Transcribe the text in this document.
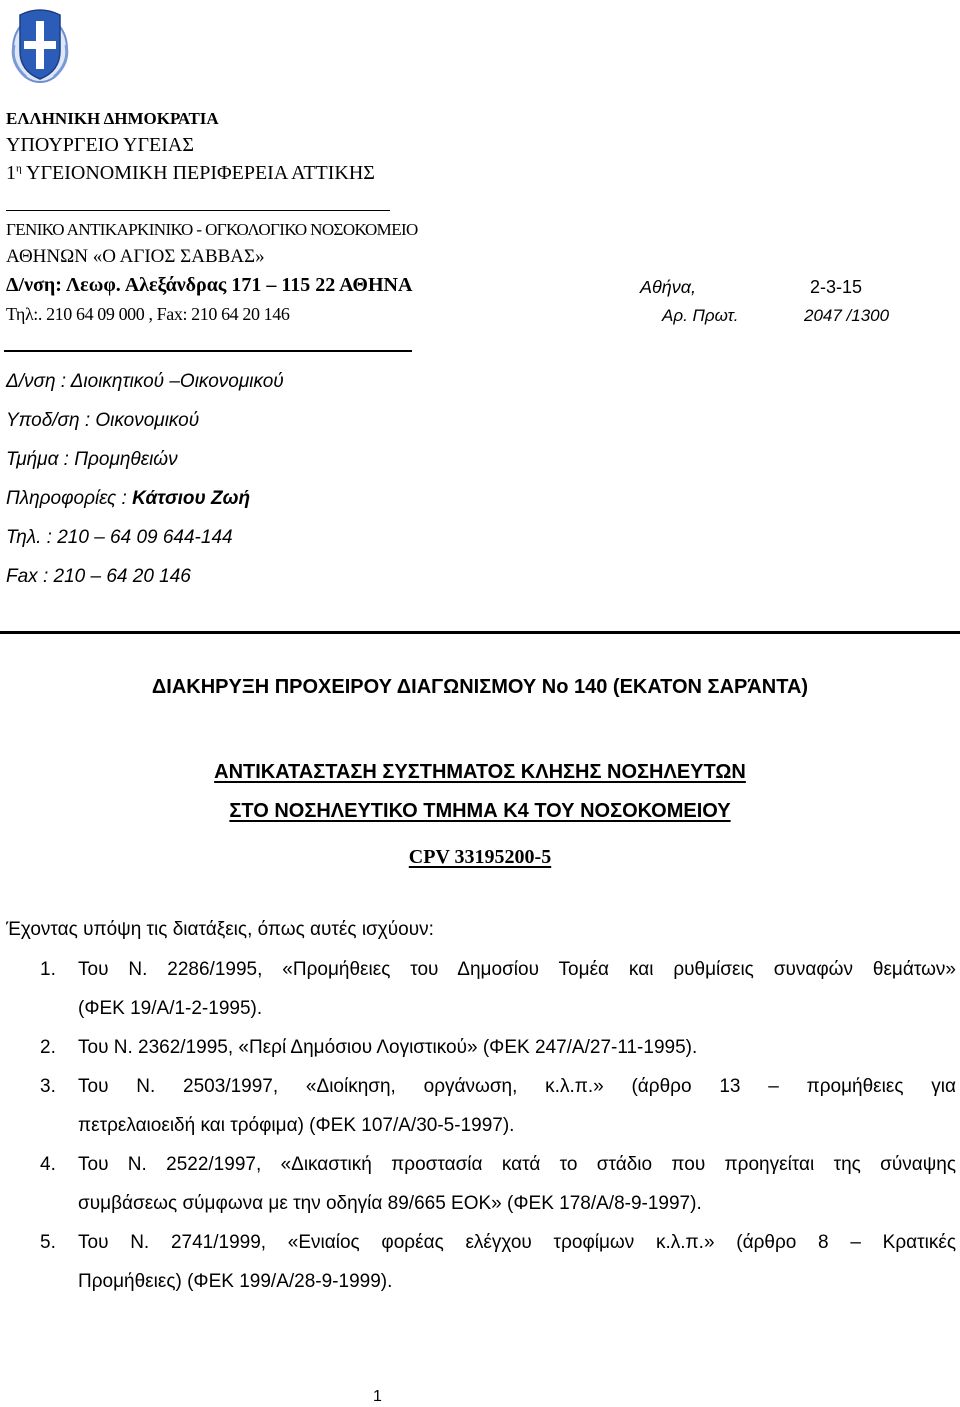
ΕΛΛΗΝΙΚΗ ΔΗΜΟΚΡΑΤΙΑ
ΥΠΟΥΡΓΕΙΟ ΥΓΕΙΑΣ
$1^\eta$ ΥΓΕΙΟΝΟΜΙΚΗ ΠΕΡΙΦΕΡΕΙΑ ΑΤΤΙΚΗΣ
ΓΕΝΙΚΟ ΑΝΤΙΚΑΡΚΙΝΙΚΟ - ΟΓΚΟΛΟΓΙΚΟ ΝΟΣΟΚΟΜΕΙΟ
ΑΘΗΝΩΝ «Ο ΑΓΙΟΣ ΣΑΒΒΑΣ»
Δ/νση: Λεωφ. Αλεξάνδρας 171 – 115 22 ΑΘΗΝΑ
Τηλ:. 210 64 09 000 , Fax: 210 64 20 146
Αθήνα,	2-3-15
Αρ. Πρωτ.	2047 /1300
Δ/νση : Διοικητικού –Οικονομικού
Υποδ/ση : Οικονομικού
Τμήμα : Προμηθειών
Πληροφορίες : Κάτσιου Ζωή
Τηλ. : 210 – 64 09 644-144
Fax : 210 – 64 20 146
ΔΙΑΚΗΡΥΞΗ ΠΡΟΧΕΙΡΟΥ ΔΙΑΓΩΝΙΣΜΟΥ Νο 140 (ΕΚΑΤΟΝ ΣΑΡΆΝΤΑ)
ΑΝΤΙΚΑΤΑΣΤΑΣΗ ΣΥΣΤΗΜΑΤΟΣ ΚΛΗΣΗΣ ΝΟΣΗΛΕΥΤΩΝ
ΣΤΟ ΝΟΣΗΛΕΥΤΙΚΟ ΤΜΗΜΑ Κ4 ΤΟΥ ΝΟΣΟΚΟΜΕΙΟΥ
CPV 33195200-5
Έχοντας υπόψη τις διατάξεις, όπως αυτές ισχύουν:
1. Του Ν. 2286/1995, «Προμήθειες του Δημοσίου Τομέα και ρυθμίσεις συναφών θεμάτων»
(ΦΕΚ 19/Α/1-2-1995).
2. Του Ν. 2362/1995, «Περί Δημόσιου Λογιστικού» (ΦΕΚ 247/Α/27-11-1995).
3. Του Ν. 2503/1997, «Διοίκηση, οργάνωση, κ.λ.π.» (άρθρο 13 – προμήθειες για
πετρελαιοειδή και τρόφιμα) (ΦΕΚ 107/Α/30-5-1997).
4. Του Ν. 2522/1997, «Δικαστική προστασία κατά το στάδιο που προηγείται της σύναψης
συμβάσεως σύμφωνα με την οδηγία 89/665 ΕΟΚ» (ΦΕΚ 178/Α/8-9-1997).
5. Του Ν. 2741/1999, «Ενιαίος φορέας ελέγχου τροφίμων κ.λ.π.» (άρθρο 8 – Κρατικές
Προμήθειες) (ΦΕΚ 199/Α/28-9-1999).
1
